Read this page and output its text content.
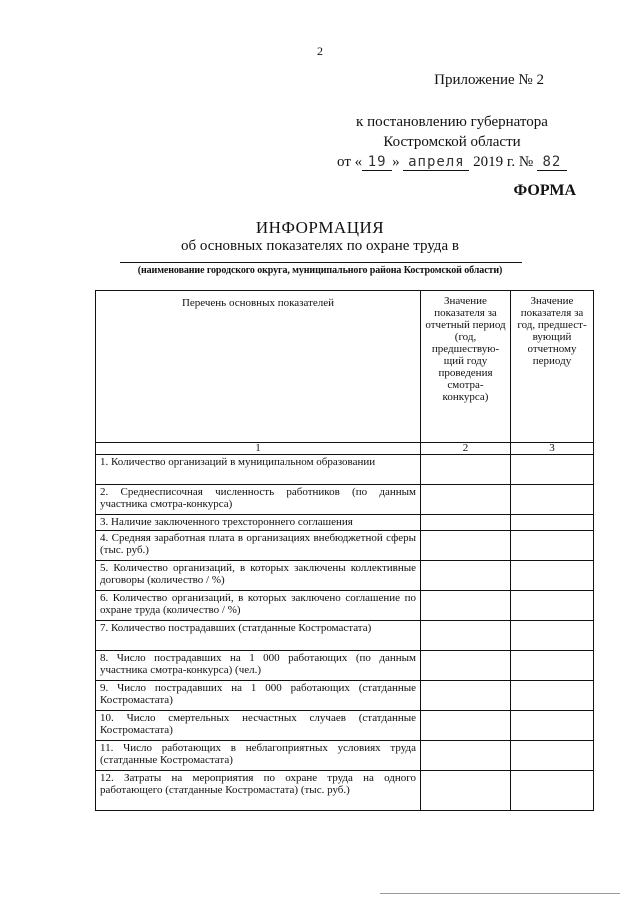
2
Приложение № 2
к постановлению губернатора
Костромской области
от « 19 » апреля 2019 г. № 82
ФОРМА
ИНФОРМАЦИЯ
об основных показателях по охране труда в
(наименование городского округа, муниципального района Костромской области)
Перечень основных показателей	Значение показателя за отчетный период (год, предшествую-щий году проведения смотра-конкурса)	Значение показателя за год, предшест-вующий отчетному периоду
1	2	3
1. Количество организаций в муниципальном образовании		
2. Среднесписочная численность работников (по данным участника смотра-конкурса)		
3. Наличие заключенного трехстороннего соглашения		
4. Средняя заработная плата в организациях внебюджетной сферы (тыс. руб.)		
5. Количество организаций, в которых заключены коллективные договоры (количество / %)		
6. Количество организаций, в которых заключено соглашение по охране труда (количество / %)		
7. Количество пострадавших (статданные Костромастата)		
8. Число пострадавших на 1 000 работающих (по данным участника смотра-конкурса) (чел.)		
9. Число пострадавших на 1 000 работающих (статданные Костромастата)		
10. Число смертельных несчастных случаев (статданные Костромастата)		
11. Число работающих в неблагоприятных условиях труда (статданные Костромастата)		
12. Затраты на мероприятия по охране труда на одного работающего (статданные Костромастата) (тыс. руб.)		
